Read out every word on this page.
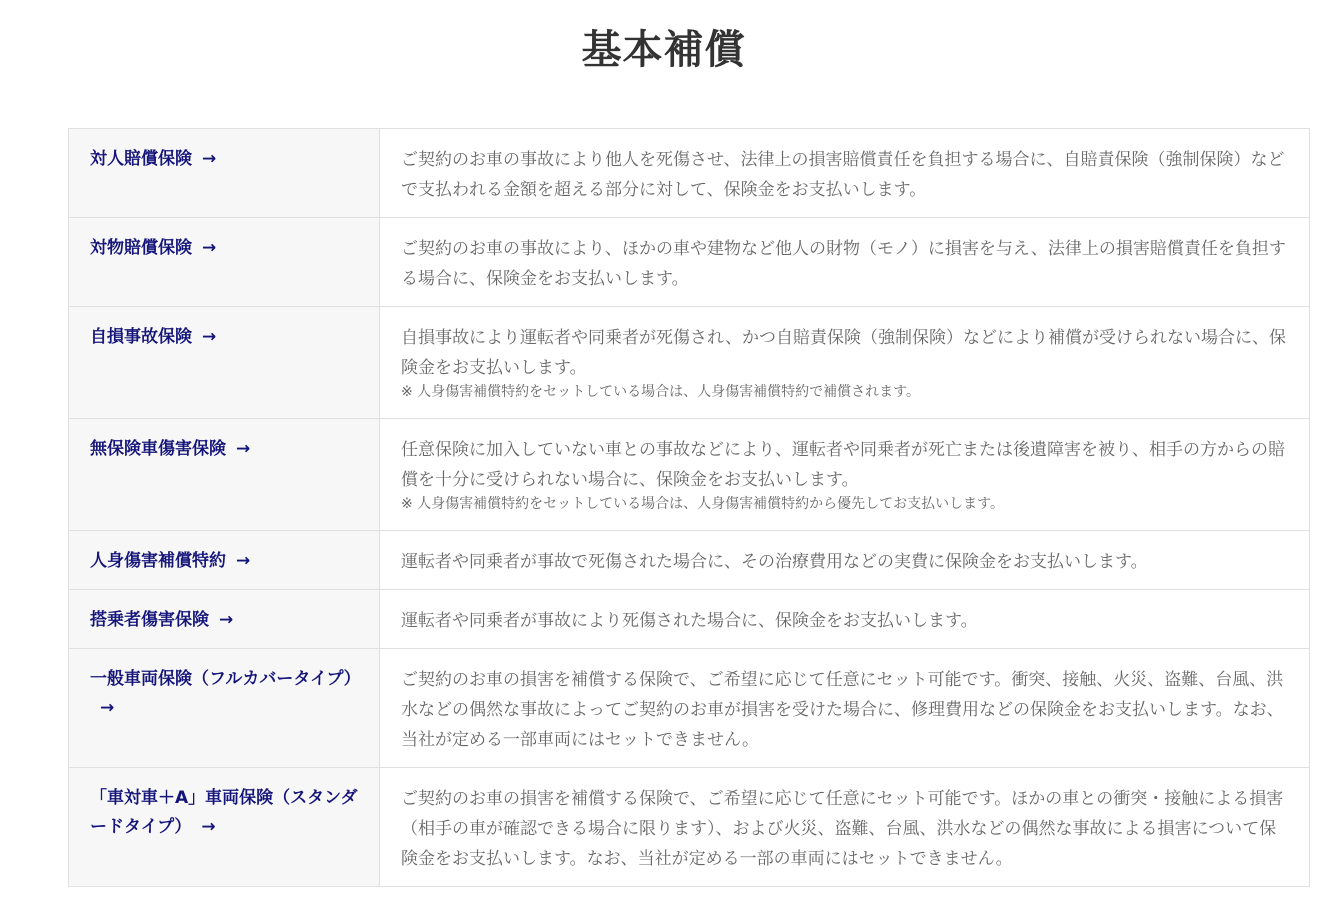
基本補償
対人賠償保険 →	ご契約のお車の事故により他人を死傷させ、法律上の損害賠償責任を負担する場合に、自賠責保険（強制保険）などで支払われる金額を超える部分に対して、保険金をお支払いします。

対物賠償保険 →	ご契約のお車の事故により、ほかの車や建物など他人の財物（モノ）に損害を与え、法律上の損害賠償責任を負担する場合に、保険金をお支払いします。

自損事故保険 →	自損事故により運転者や同乗者が死傷され、かつ自賠責保険（強制保険）などにより補償が受けられない場合に、保険金をお支払いします。
※ 人身傷害補償特約をセットしている場合は、人身傷害補償特約で補償されます。

無保険車傷害保険 →	任意保険に加入していない車との事故などにより、運転者や同乗者が死亡または後遺障害を被り、相手の方からの賠償を十分に受けられない場合に、保険金をお支払いします。
※ 人身傷害補償特約をセットしている場合は、人身傷害補償特約から優先してお支払いします。

人身傷害補償特約 →	運転者や同乗者が事故で死傷された場合に、その治療費用などの実費に保険金をお支払いします。

搭乗者傷害保険 →	運転者や同乗者が事故により死傷された場合に、保険金をお支払いします。

一般車両保険（フルカバータイプ）→	ご契約のお車の損害を補償する保険で、ご希望に応じて任意にセット可能です。衝突、接触、火災、盗難、台風、洪水などの偶然な事故によってご契約のお車が損害を受けた場合に、修理費用などの保険金をお支払いします。なお、当社が定める一部車両にはセットできません。

「車対車＋A」車両保険（スタンダードタイプ） →	ご契約のお車の損害を補償する保険で、ご希望に応じて任意にセット可能です。ほかの車との衝突・接触による損害（相手の車が確認できる場合に限ります）、および火災、盗難、台風、洪水などの偶然な事故による損害について保険金をお支払いします。なお、当社が定める一部の車両にはセットできません。
